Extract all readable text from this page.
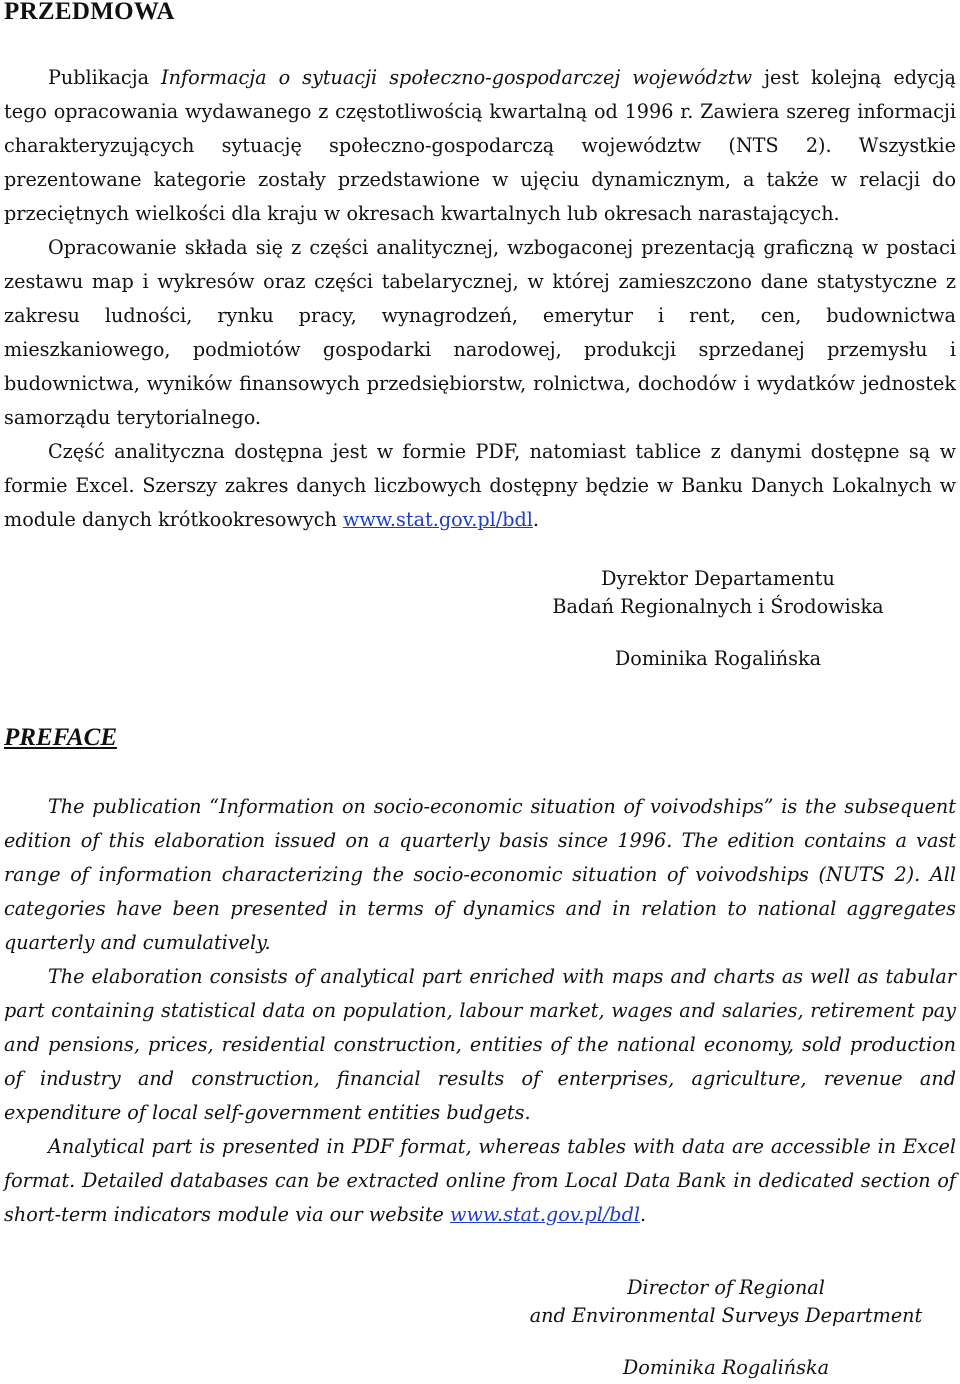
PRZEDMOWA

Publikacja Informacja o sytuacji społeczno-gospodarczej województw jest kolejną edycją tego opracowania wydawanego z częstotliwością kwartalną od 1996 r. Zawiera szereg informacji charakteryzujących sytuację społeczno-gospodarczą województw (NTS 2). Wszystkie prezentowane kategorie zostały przedstawione w ujęciu dynamicznym, a także w relacji do przeciętnych wielkości dla kraju w okresach kwartalnych lub okresach narastających.

Opracowanie składa się z części analitycznej, wzbogaconej prezentacją graficzną w postaci zestawu map i wykresów oraz części tabelarycznej, w której zamieszczono dane statystyczne z zakresu ludności, rynku pracy, wynagrodzeń, emerytur i rent, cen, budownictwa mieszkaniowego, podmiotów gospodarki narodowej, produkcji sprzedanej przemysłu i budownictwa, wyników finansowych przedsiębiorstw, rolnictwa, dochodów i wydatków jednostek samorządu terytorialnego.

Część analityczna dostępna jest w formie PDF, natomiast tablice z danymi dostępne są w formie Excel. Szerszy zakres danych liczbowych dostępny będzie w Banku Danych Lokalnych w module danych krótkookresowych www.stat.gov.pl/bdl.

Dyrektor Departamentu
Badań Regionalnych i Środowiska
Dominika Rogalińska
PREFACE

The publication “Information on socio-economic situation of voivodships” is the subsequent edition of this elaboration issued on a quarterly basis since 1996. The edition contains a vast range of information characterizing the socio-economic situation of voivodships (NUTS 2). All categories have been presented in terms of dynamics and in relation to national aggregates quarterly and cumulatively.

The elaboration consists of analytical part enriched with maps and charts as well as tabular part containing statistical data on population, labour market, wages and salaries, retirement pay and pensions, prices, residential construction, entities of the national economy, sold production of industry and construction, financial results of enterprises, agriculture, revenue and expenditure of local self-government entities budgets.

Analytical part is presented in PDF format, whereas tables with data are accessible in Excel format. Detailed databases can be extracted online from Local Data Bank in dedicated section of short-term indicators module via our website www.stat.gov.pl/bdl.

Director of Regional
and Environmental Surveys Department
Dominika Rogalińska
